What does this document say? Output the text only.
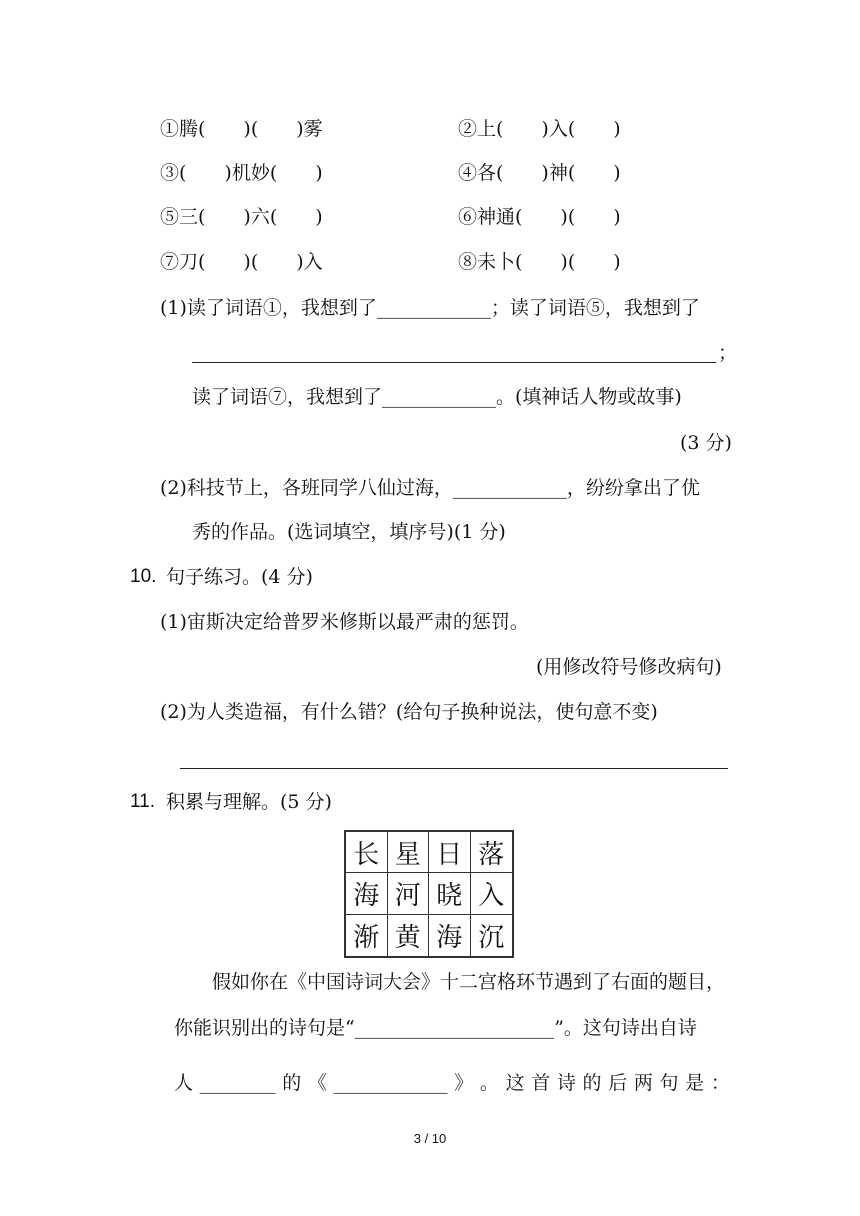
①腾(　　)(　　)雾	②上(　　)入(　　)
③(　　)机妙(　　)	④各(　　)神(　　)
⑤三(　　)六(　　)	⑥神通(　　)(　　)
⑦刀(　　)(　　)入	⑧未卜(　　)(　　)
(1)读了词语①，我想到了____________；读了词语⑤，我想到了
；
读了词语⑦，我想到了____________。(填神话人物或故事)
(3 分)
(2)科技节上，各班同学八仙过海，____________，纷纷拿出了优
秀的作品。(选词填空，填序号)(1 分)
10. 句子练习。(4 分)
(1)宙斯决定给普罗米修斯以最严肃的惩罚。
(用修改符号修改病句)
(2)为人类造福，有什么错？(给句子换种说法，使句意不变)
11. 积累与理解。(5 分)
长 星 日 落
海 河 晓 入
渐 黄 海 沉
假如你在《中国诗词大会》十二宫格环节遇到了右面的题目，
你能识别出的诗句是“_____________________”。这句诗出自诗
人 ________ 的 《 ____________ 》 。 这 首 诗 的 后 两 句 是 ：
3 / 10
